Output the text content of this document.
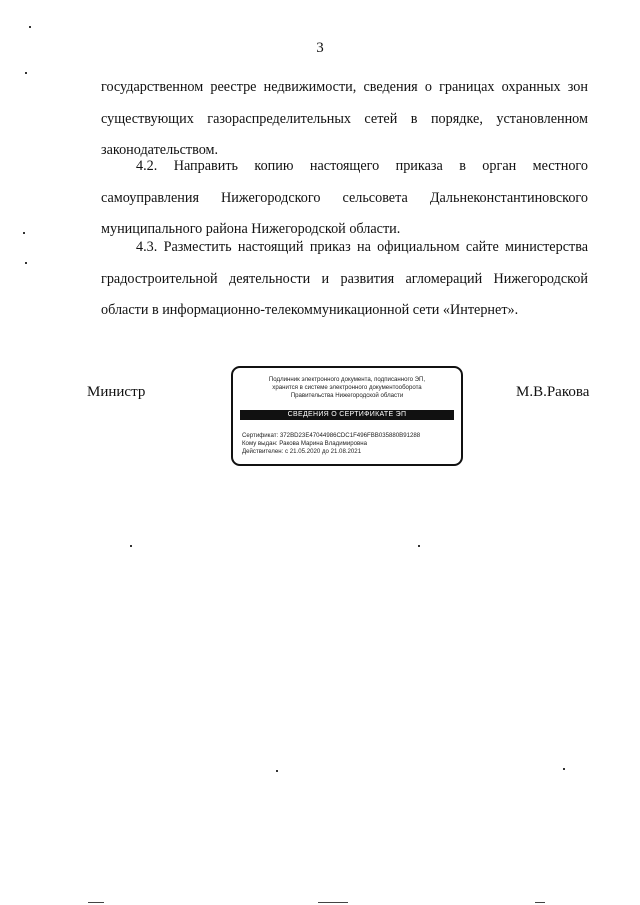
3
государственном реестре недвижимости, сведения о границах охранных зон
существующих газораспределительных сетей в порядке, установленном
законодательством.
4.2. Направить копию настоящего приказа в орган местного
самоуправления Нижегородского сельсовета Дальнеконстантиновского
муниципального района Нижегородской области.
4.3. Разместить настоящий приказ на официальном сайте министерства
градостроительной деятельности и развития агломераций Нижегородской
области в информационно-телекоммуникационной сети «Интернет».
Министр	М.В.Ракова
Подлинник электронного документа, подписанного ЭП,
хранится в системе электронного документооборота
Правительства Нижегородской области
СВЕДЕНИЯ О СЕРТИФИКАТЕ ЭП
Сертификат: 372BD23E47044986CDC1F496FBB035880B91288
Кому выдан: Ракова Марина Владимировна
Действителен: с 21.05.2020 до 21.08.2021
